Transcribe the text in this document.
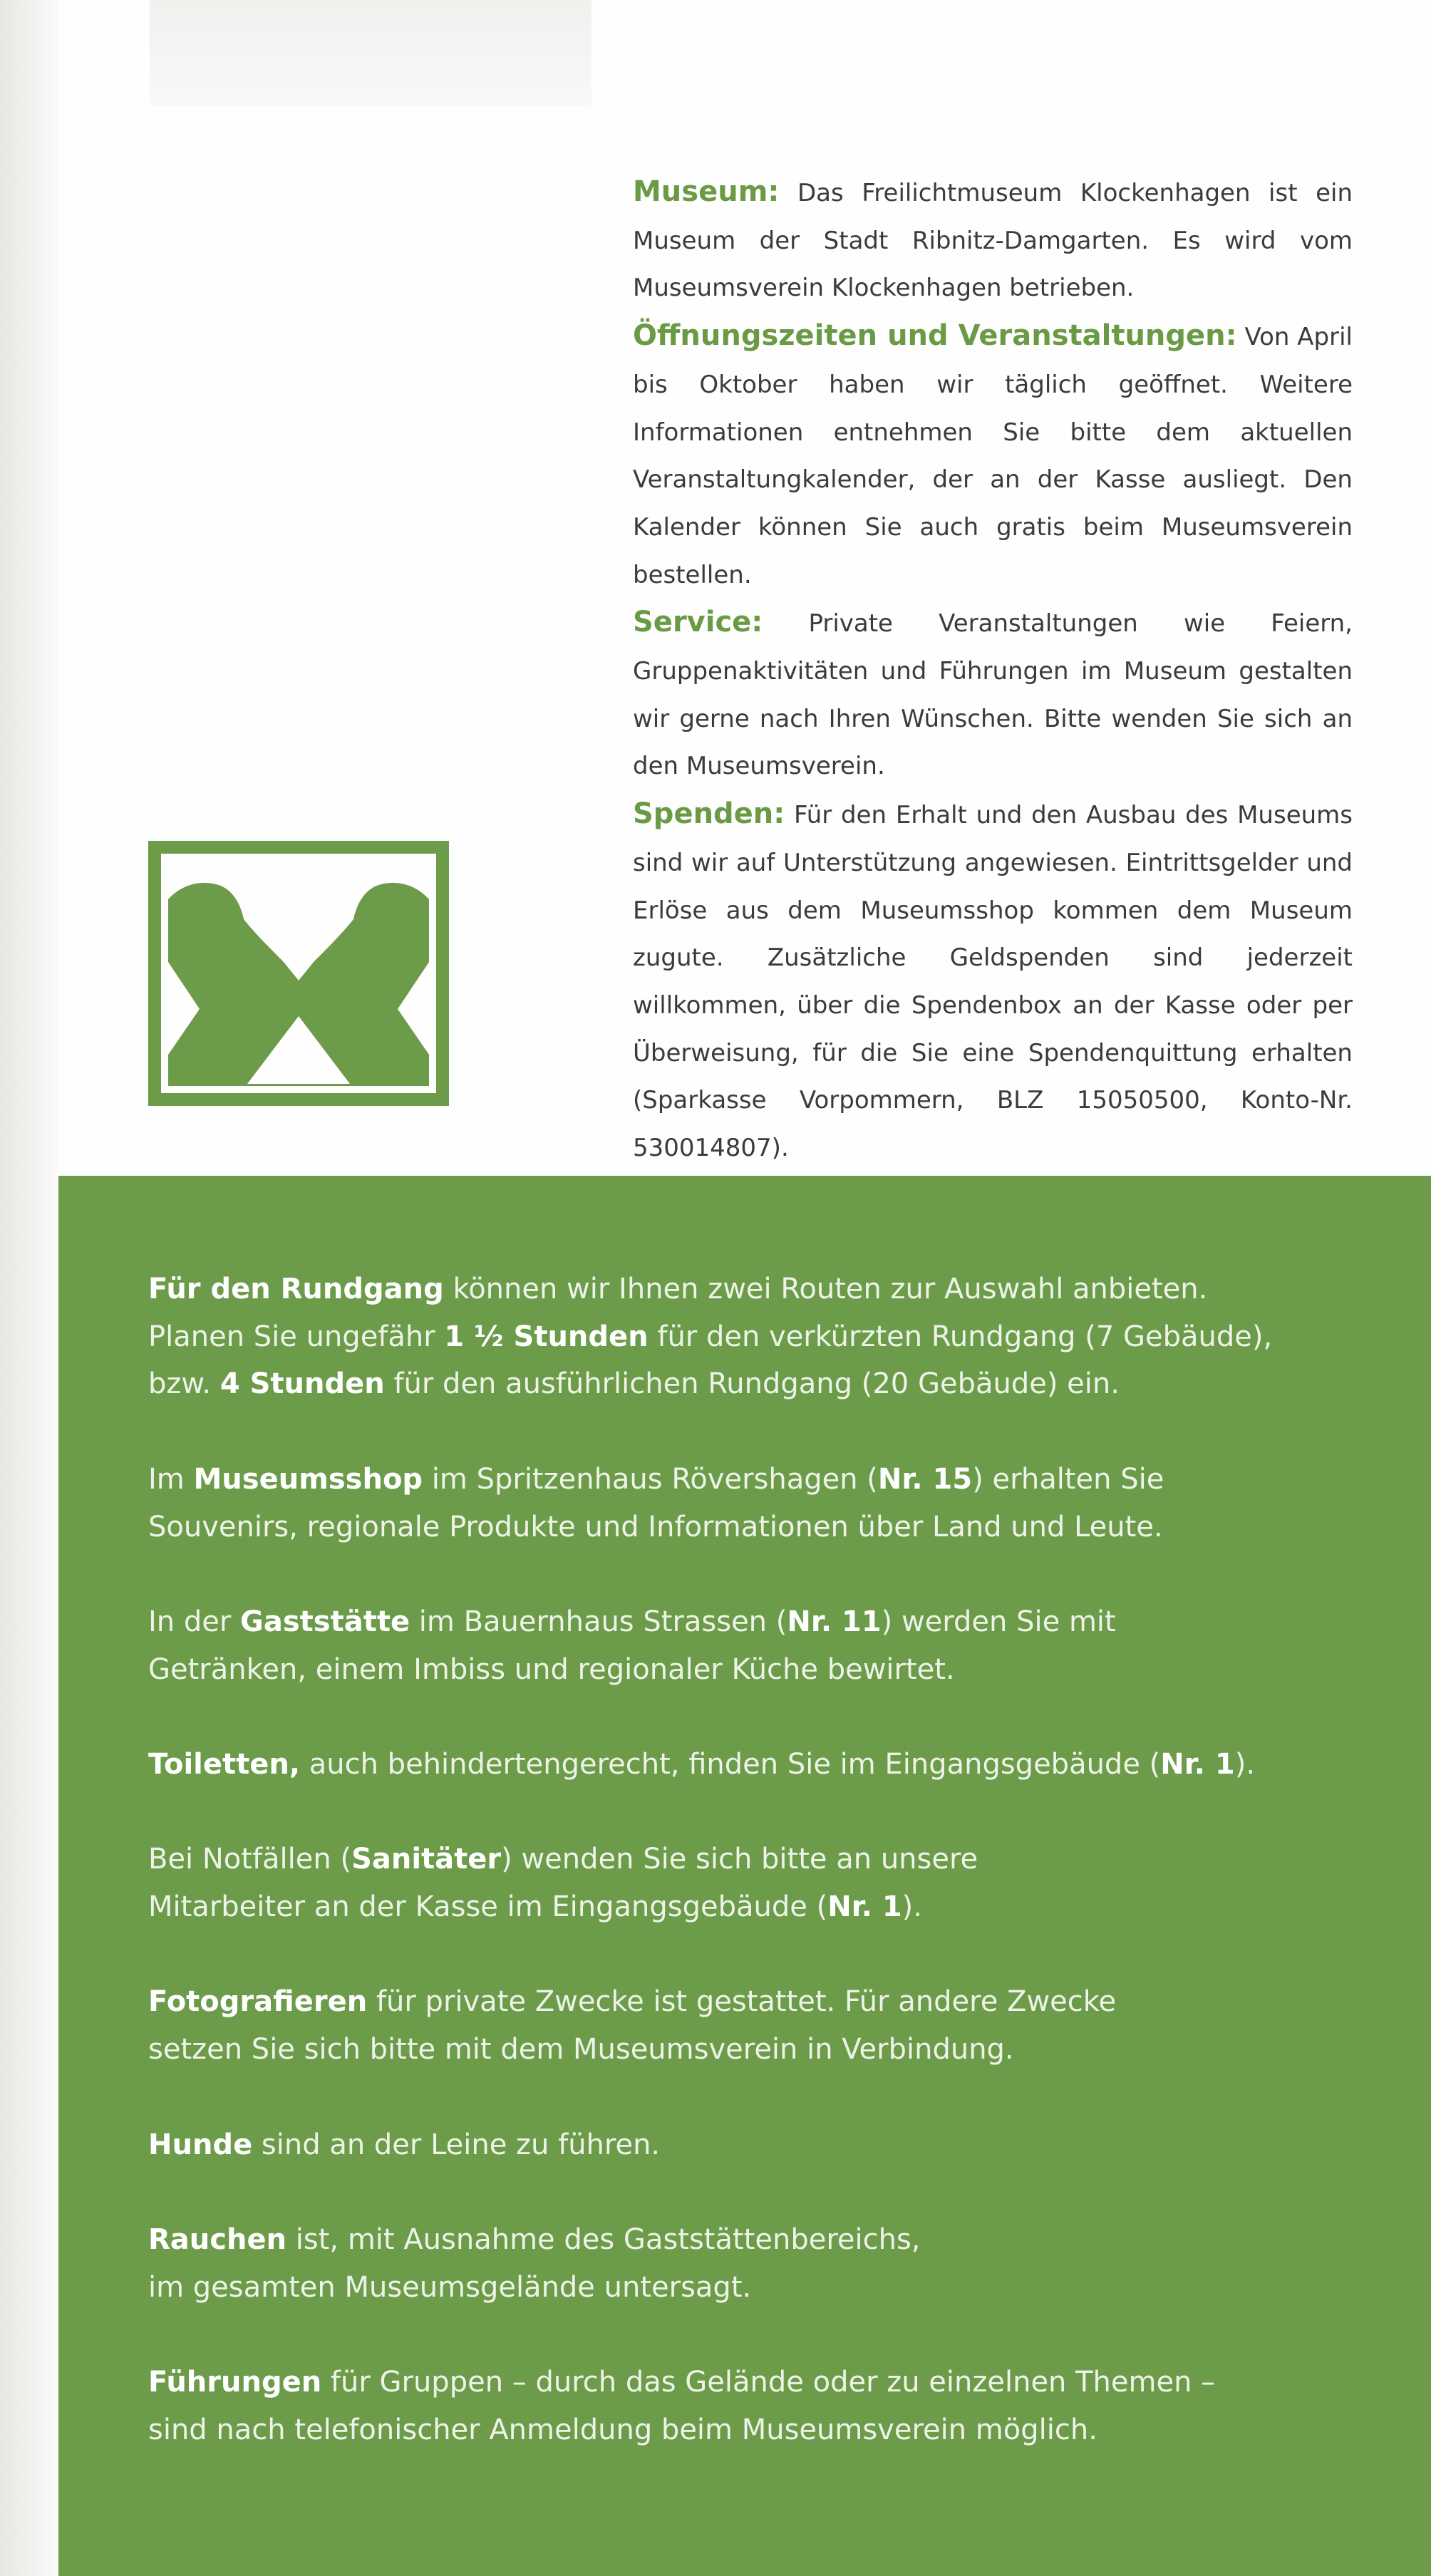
Museum: Das Freilichtmuseum Klockenhagen ist ein Museum der Stadt Ribnitz-Damgarten. Es wird vom Museumsverein Klockenhagen betrieben.

Öffnungszeiten und Veranstaltungen: Von April bis Oktober haben wir täglich geöffnet. Weitere Informationen entnehmen Sie bitte dem aktuellen Veranstaltungkalender, der an der Kasse ausliegt. Den Kalender können Sie auch gratis beim Museumsverein bestellen.

Service: Private Veranstaltungen wie Feiern, Gruppenaktivitäten und Führungen im Museum gestalten wir gerne nach Ihren Wünschen. Bitte wenden Sie sich an den Museumsverein.

Spenden: Für den Erhalt und den Ausbau des Museums sind wir auf Unterstützung angewiesen. Eintrittsgelder und Erlöse aus dem Museumsshop kommen dem Museum zugute. Zusätzliche Geldspenden sind jederzeit willkommen, über die Spendenbox an der Kasse oder per Überweisung, für die Sie eine Spendenquittung erhalten (Sparkasse Vorpommern, BLZ 15050500, Konto-Nr. 530014807).

Für den Rundgang können wir Ihnen zwei Routen zur Auswahl anbieten.
Planen Sie ungefähr 1 ½ Stunden für den verkürzten Rundgang (7 Gebäude),
bzw. 4 Stunden für den ausführlichen Rundgang (20 Gebäude) ein.

Im Museumsshop im Spritzenhaus Rövershagen (Nr. 15) erhalten Sie
Souvenirs, regionale Produkte und Informationen über Land und Leute.

In der Gaststätte im Bauernhaus Strassen (Nr. 11) werden Sie mit
Getränken, einem Imbiss und regionaler Küche bewirtet.

Toiletten, auch behindertengerecht, finden Sie im Eingangsgebäude (Nr. 1).

Bei Notfällen (Sanitäter) wenden Sie sich bitte an unsere
Mitarbeiter an der Kasse im Eingangsgebäude (Nr. 1).

Fotografieren für private Zwecke ist gestattet. Für andere Zwecke
setzen Sie sich bitte mit dem Museumsverein in Verbindung.

Hunde sind an der Leine zu führen.

Rauchen ist, mit Ausnahme des Gaststättenbereichs,
im gesamten Museumsgelände untersagt.

Führungen für Gruppen – durch das Gelände oder zu einzelnen Themen –
sind nach telefonischer Anmeldung beim Museumsverein möglich.
